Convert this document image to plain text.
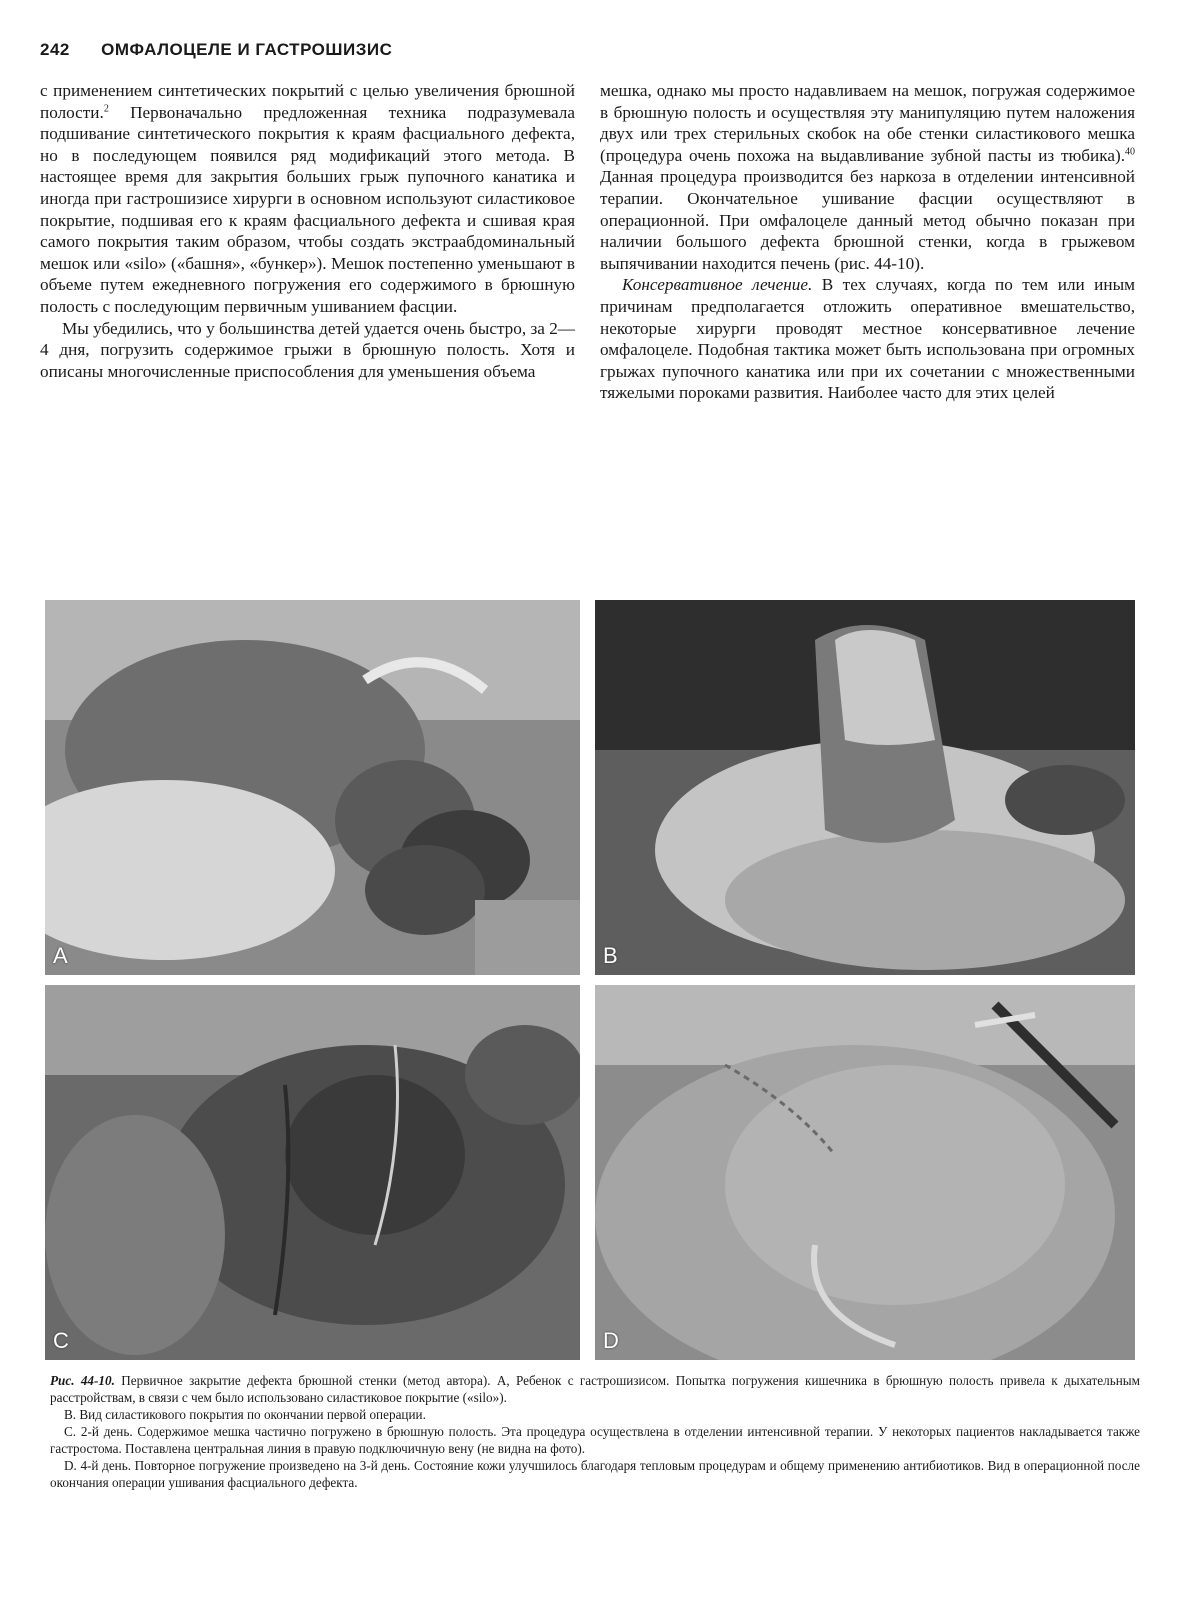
242 ОМФАЛОЦЕЛЕ И ГАСТРОШИЗИС

с применением синтетических покрытий с целью увеличения брюшной полости.$^2$ Первоначально предложенная техника подразумевала подшивание синтетического покрытия к краям фасциального дефекта, но в последующем появился ряд модификаций этого метода. В настоящее время для закрытия больших грыж пупочного канатика и иногда при гастрошизисе хирурги в основном используют силастиковое покрытие, подшивая его к краям фасциального дефекта и сшивая края самого покрытия таким образом, чтобы создать экстраабдоминальный мешок или «silo» («башня», «бункер»). Мешок постепенно уменьшают в объеме путем ежедневного погружения его содержимого в брюшную полость с последующим первичным ушиванием фасции.

Мы убедились, что у большинства детей удается очень быстро, за 2—4 дня, погрузить содержимое грыжи в брюшную полость. Хотя и описаны многочисленные приспособления для уменьшения объема

мешка, однако мы просто надавливаем на мешок, погружая содержимое в брюшную полость и осуществляя эту манипуляцию путем наложения двух или трех стерильных скобок на обе стенки силастикового мешка (процедура очень похожа на выдавливание зубной пасты из тюбика).$^{40}$ Данная процедура производится без наркоза в отделении интенсивной терапии. Окончательное ушивание фасции осуществляют в операционной. При омфалоцеле данный метод обычно показан при наличии большого дефекта брюшной стенки, когда в грыжевом выпячивании находится печень (рис. 44-10).

Консервативное лечение. В тех случаях, когда по тем или иным причинам предполагается отложить оперативное вмешательство, некоторые хирурги проводят местное консервативное лечение омфалоцеле. Подобная тактика может быть использована при огромных грыжах пупочного канатика или при их сочетании с множественными тяжелыми пороками развития. Наиболее часто для этих целей

A	B
C	D

Рис. 44-10. Первичное закрытие дефекта брюшной стенки (метод автора). А, Ребенок с гастрошизисом. Попытка погружения кишечника в брюшную полость привела к дыхательным расстройствам, в связи с чем было использовано силастиковое покрытие («silo»).

B. Вид силастикового покрытия по окончании первой операции.

С. 2-й день. Содержимое мешка частично погружено в брюшную полость. Эта процедура осуществлена в отделении интенсивной терапии. У некоторых пациентов накладывается также гастростома. Поставлена центральная линия в правую подключичную вену (не видна на фото).

D. 4-й день. Повторное погружение произведено на 3-й день. Состояние кожи улучшилось благодаря тепловым процедурам и общему применению антибиотиков. Вид в операционной после окончания операции ушивания фасциального дефекта.
